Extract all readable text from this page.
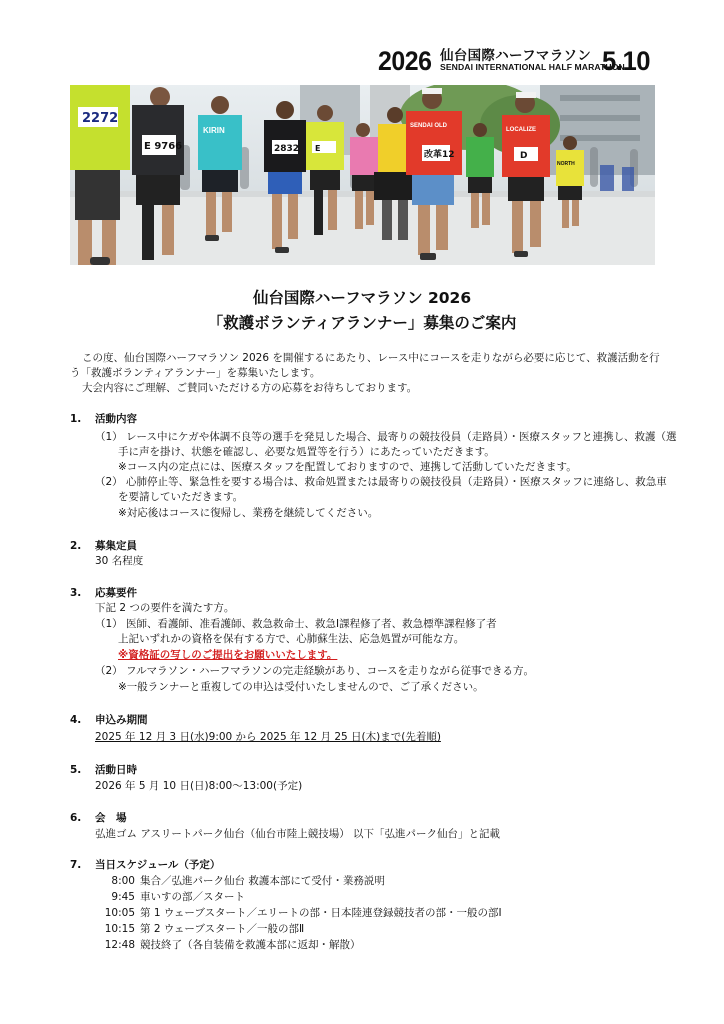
2026 仙台国際ハーフマラソン
SENDAI INTERNATIONAL HALF MARATHON
5.10
2272
E 9766
KIRIN
2832 E
SENDAI OLD
改革12
LOCALIZE
D
NORTH
仙台国際ハーフマラソン 2026
「救護ボランティアランナー」募集のご案内
この度、仙台国際ハーフマラソン 2026 を開催するにあたり、レース中にコースを走りながら必要に応じて、救護活動を行
う「救護ボランティアランナー」を募集いたします。
大会内容にご理解、ご賛同いただける方の応募をお待ちしております。
1. 活動内容
（1） レース中にケガや体調不良等の選手を発見した場合、最寄りの競技役員（走路員）・医療スタッフと連携し、救護（選
手に声を掛け、状態を確認し、必要な処置等を行う）にあたっていただきます。
※コース内の定点には、医療スタッフを配置しておりますので、連携して活動していただきます。
（2） 心肺停止等、緊急性を要する場合は、救命処置または最寄りの競技役員（走路員）・医療スタッフに連絡し、救急車
を要請していただきます。
※対応後はコースに復帰し、業務を継続してください。
2. 募集定員
30 名程度
3. 応募要件
下記 2 つの要件を満たす方。
（1） 医師、看護師、准看護師、救急救命士、救急Ⅰ課程修了者、救急標準課程修了者
上記いずれかの資格を保有する方で、心肺蘇生法、応急処置が可能な方。
※資格証の写しのご提出をお願いいたします。
（2） フルマラソン・ハーフマラソンの完走経験があり、コースを走りながら従事できる方。
※一般ランナーと重複しての申込は受付いたしませんので、ご了承ください。
4. 申込み期間
2025 年 12 月 3 日(水)9:00 から 2025 年 12 月 25 日(木)まで(先着順)
5. 活動日時
2026 年 5 月 10 日(日)8:00～13:00(予定)
6. 会　場
弘進ゴム アスリートパーク仙台（仙台市陸上競技場） 以下「弘進パーク仙台」と記載
7. 当日スケジュール（予定）
8:00 集合／弘進パーク仙台 救護本部にて受付・業務説明
9:45 車いすの部／スタート
10:05 第 1 ウェーブスタート／エリートの部・日本陸連登録競技者の部・一般の部Ⅰ
10:15 第 2 ウェーブスタート／一般の部Ⅱ
12:48 競技終了（各自装備を救護本部に返却・解散）
